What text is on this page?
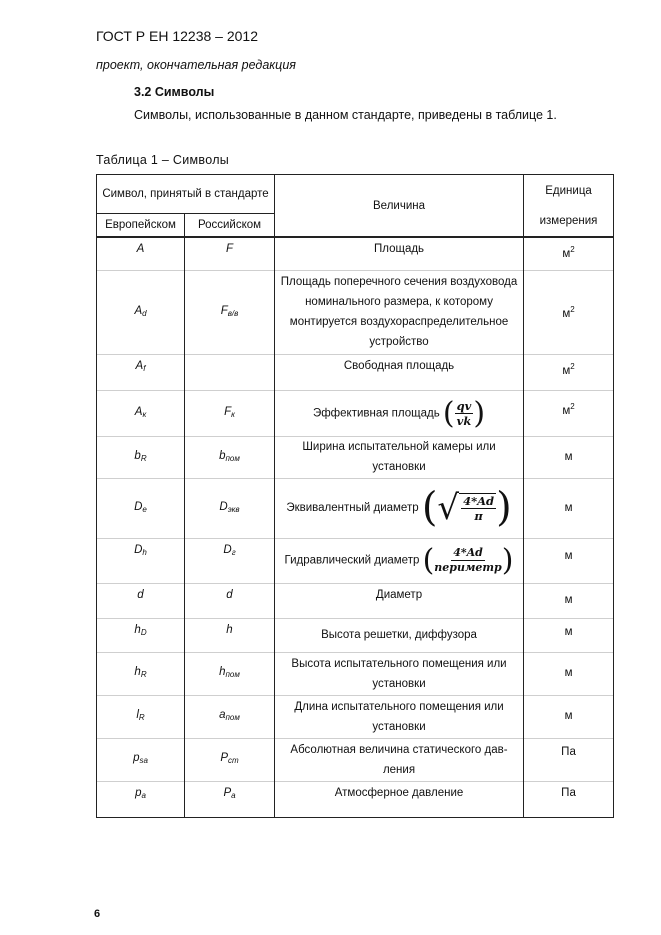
ГОСТ Р ЕН 12238 – 2012
проект, окончательная редакция
3.2 Символы
Символы, использованные в данном стандарте, приведены в таблице 1.
Таблица 1 – Символы
Символ, принятый в стандарте		Величина	Единица
измерения
Европейском	Российском		
A	F	Площадь	$м^2$
$A_d$	$F_{в/в}$	Площадь поперечного сечения воздуховода номинального размера, к которому монтируется воздухораспределительное устройство	$м^2$
$A_f$		Свободная площадь	$м^2$
$A_к$	$F_к$	Эффективная площадь ( $\frac{qv}{vk}$ )	$м^2$
$b_R$	$b_{пом}$	Ширина испытательной камеры или установки	м
$D_e$	$D_{экв}$	Эквивалентный диаметр ( √ $\frac{4*Ad}{\pi}$ )	м
$D_h$	$D_г$	Гидравлический диаметр ( $\frac{4*Ad}{\text{периметр}}$ )	м
d	d	Диаметр	м
$h_D$	h	Высота решетки, диффузора	м
$h_R$	$h_{пом}$	Высота испытательного помещения или установки	м
$l_R$	$a_{пом}$	Длина испытательного помещения или установки	м
$p_{sa}$	$P_{ст}$	Абсолютная величина статического давления	Па
$p_a$	$P_а$	Атмосферное давление	Па
6
